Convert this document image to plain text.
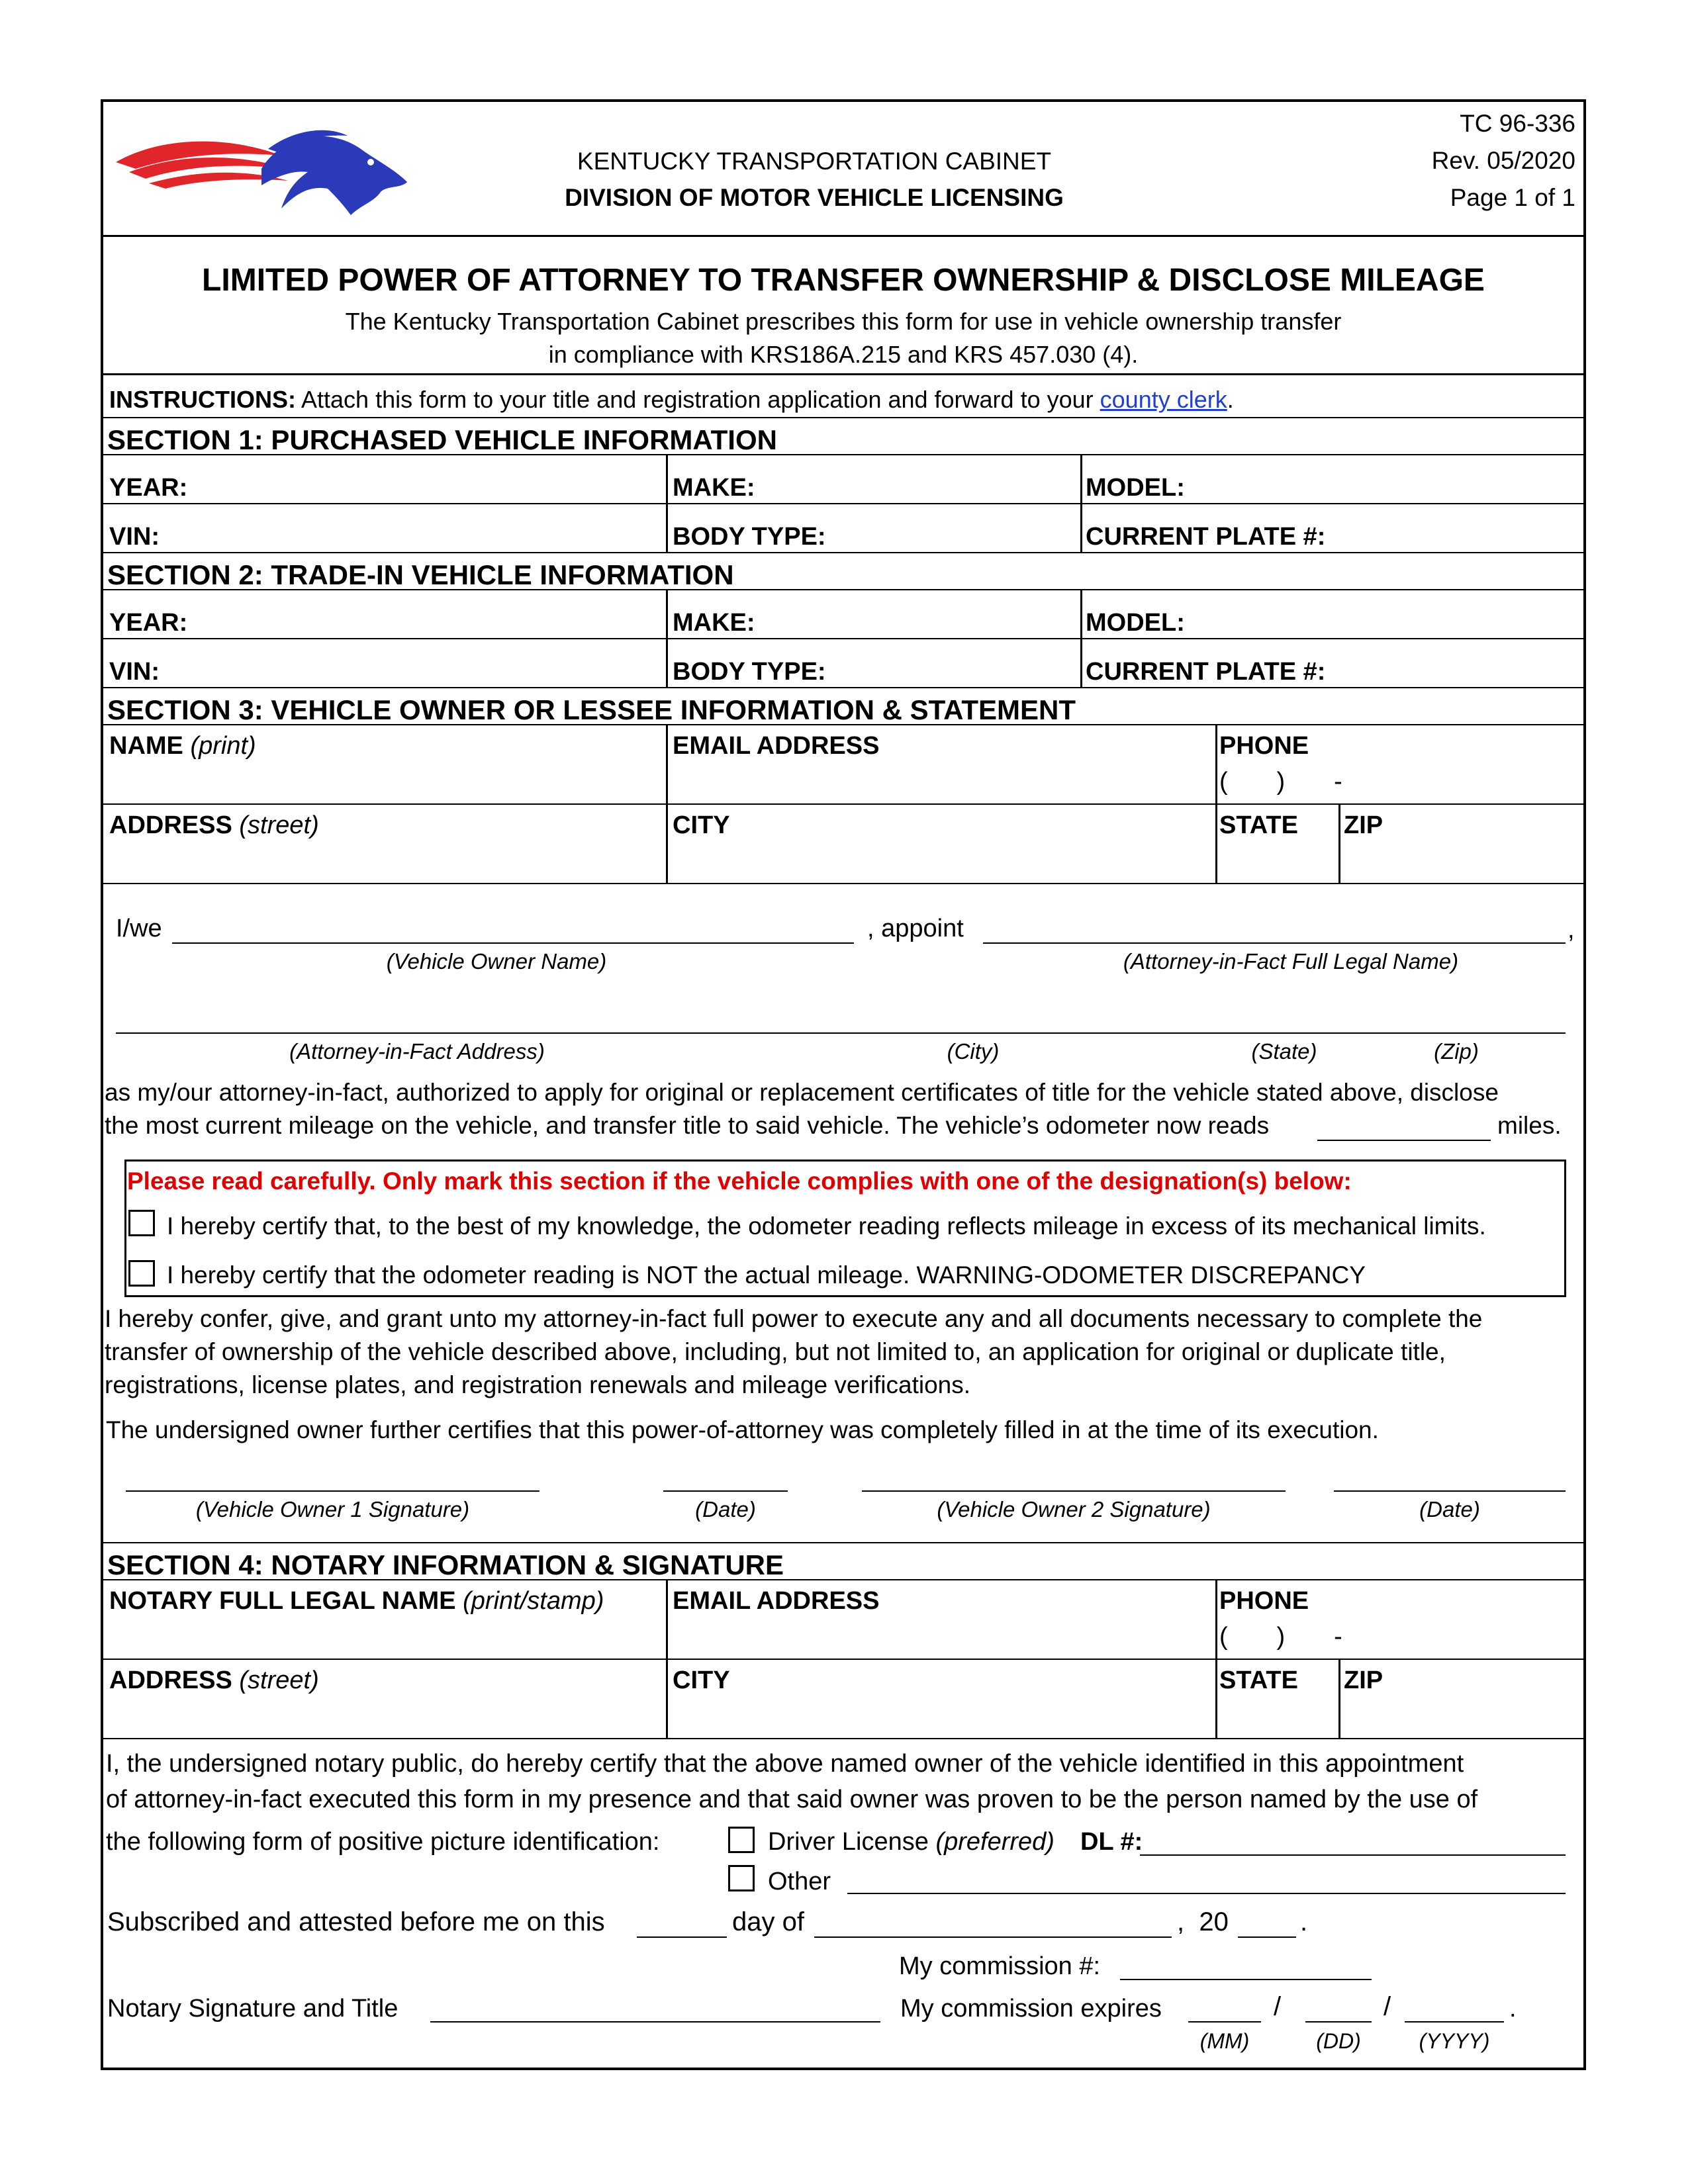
KENTUCKY TRANSPORTATION CABINET
DIVISION OF MOTOR VEHICLE LICENSING
TC 96-336
Rev. 05/2020
Page 1 of 1
LIMITED POWER OF ATTORNEY TO TRANSFER OWNERSHIP & DISCLOSE MILEAGE
The Kentucky Transportation Cabinet prescribes this form for use in vehicle ownership transfer
in compliance with KRS186A.215 and KRS 457.030 (4).
INSTRUCTIONS: Attach this form to your title and registration application and forward to your county clerk.
SECTION 1: PURCHASED VEHICLE INFORMATION
YEAR:	MAKE:	MODEL:
VIN:	BODY TYPE:	CURRENT PLATE #:
SECTION 2: TRADE-IN VEHICLE INFORMATION
YEAR:	MAKE:	MODEL:
VIN:	BODY TYPE:	CURRENT PLATE #:
SECTION 3: VEHICLE OWNER OR LESSEE INFORMATION & STATEMENT
NAME (print)	EMAIL ADDRESS	PHONE
(       )       -
ADDRESS (street)	CITY	STATE ZIP
I/we	, appoint	,
(Vehicle Owner Name)	(Attorney-in-Fact Full Legal Name)
(Attorney-in-Fact Address)	(City)	(State)	(Zip)
as my/our attorney-in-fact, authorized to apply for original or replacement certificates of title for the vehicle stated above, disclose
the most current mileage on the vehicle, and transfer title to said vehicle. The vehicle’s odometer now reads	miles.
Please read carefully. Only mark this section if the vehicle complies with one of the designation(s) below:
I hereby certify that, to the best of my knowledge, the odometer reading reflects mileage in excess of its mechanical limits.
I hereby certify that the odometer reading is NOT the actual mileage. WARNING-ODOMETER DISCREPANCY
I hereby confer, give, and grant unto my attorney-in-fact full power to execute any and all documents necessary to complete the
transfer of ownership of the vehicle described above, including, but not limited to, an application for original or duplicate title,
registrations, license plates, and registration renewals and mileage verifications.
The undersigned owner further certifies that this power-of-attorney was completely filled in at the time of its execution.
(Vehicle Owner 1 Signature)	(Date)	(Vehicle Owner 2 Signature)	(Date)
SECTION 4: NOTARY INFORMATION & SIGNATURE
NOTARY FULL LEGAL NAME (print/stamp)	EMAIL ADDRESS	PHONE
(       )       -
ADDRESS (street)	CITY	STATE ZIP
I, the undersigned notary public, do hereby certify that the above named owner of the vehicle identified in this appointment
of attorney-in-fact executed this form in my presence and that said owner was proven to be the person named by the use of
the following form of positive picture identification:	Driver License (preferred) DL #:
Other
Subscribed and attested before me on this	day of	,  20	.
My commission #:
Notary Signature and Title	My commission expires	/	/	.
(MM)	(DD)	(YYYY)
